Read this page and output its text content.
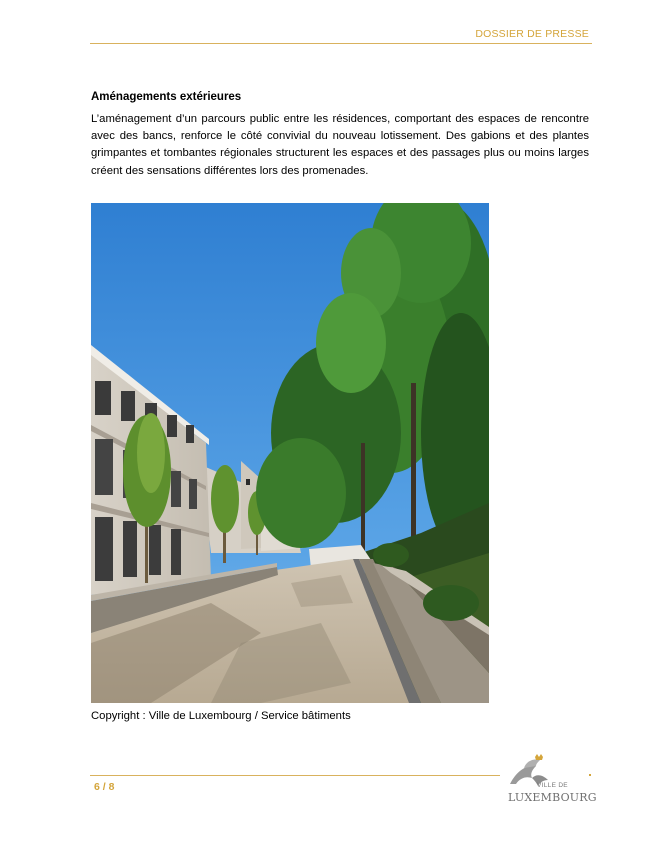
DOSSIER DE PRESSE
Aménagements extérieures

L’aménagement d’un parcours public entre les résidences, comportant des espaces de rencontre avec des bancs, renforce le côté convivial du nouveau lotissement. Des gabions et des plantes grimpantes et tombantes régionales structurent les espaces et des passages plus ou moins larges créent des sensations différentes lors des promenades.

Copyright : Ville de Luxembourg / Service bâtiments

6 / 8	VILLE DE
LUXEMBOURG
